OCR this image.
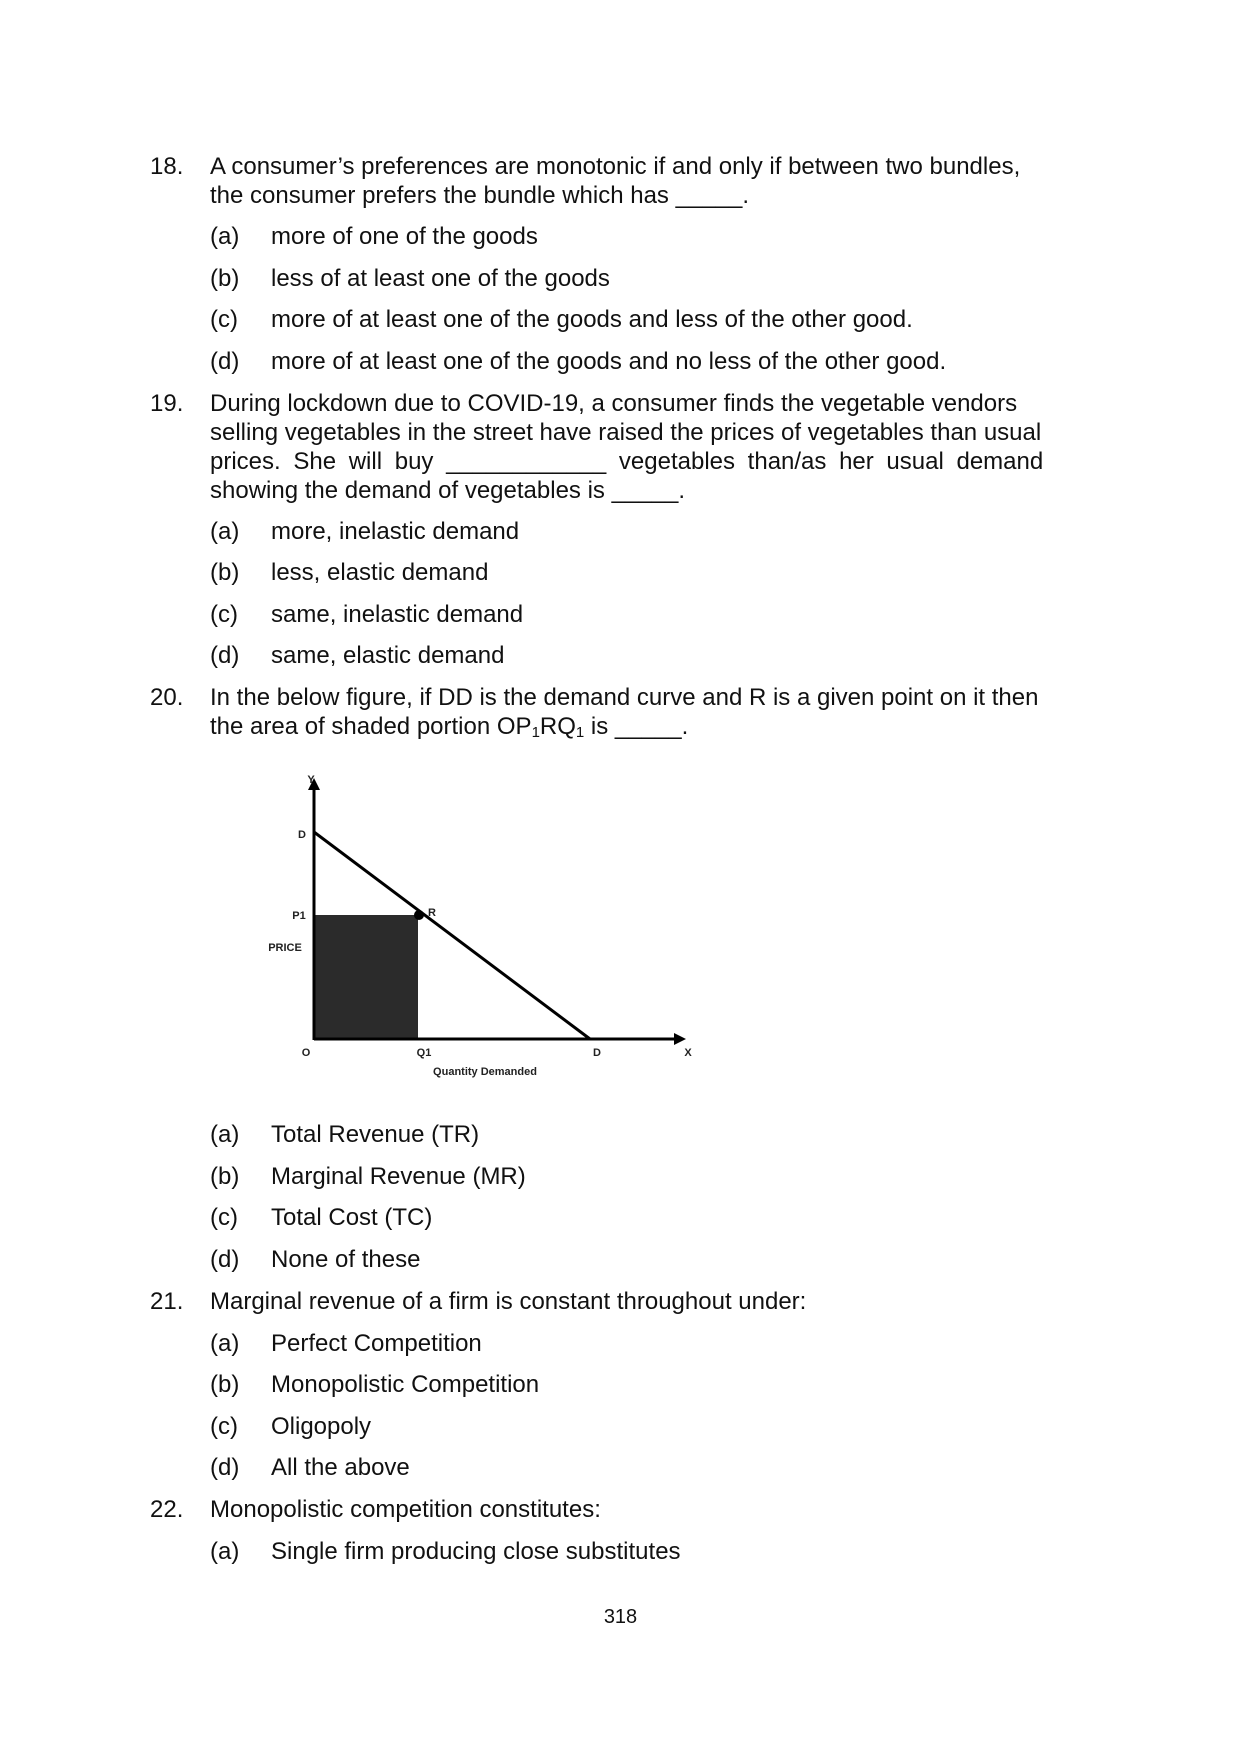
18. A consumer’s preferences are monotonic if and only if between two bundles,
the consumer prefers the bundle which has _____.
(a) more of one of the goods
(b) less of at least one of the goods
(c) more of at least one of the goods and less of the other good.
(d) more of at least one of the goods and no less of the other good.
19. During lockdown due to COVID-19, a consumer finds the vegetable vendors
selling vegetables in the street have raised the prices of vegetables than usual
prices. She will buy ____________ vegetables than/as her usual demand
showing the demand of vegetables is _____.
(a) more, inelastic demand
(b) less, elastic demand
(c) same, inelastic demand
(d) same, elastic demand
20. In the below figure, if DD is the demand curve and R is a given point on it then
the area of shaded portion $OP_1RQ_1$ is _____.
Y
D
P1	R
PRICE
O	Q1	D	X
Quantity Demanded
(a) Total Revenue (TR)
(b) Marginal Revenue (MR)
(c) Total Cost (TC)
(d) None of these
21. Marginal revenue of a firm is constant throughout under:
(a) Perfect Competition
(b) Monopolistic Competition
(c) Oligopoly
(d) All the above
22. Monopolistic competition constitutes:
(a) Single firm producing close substitutes
318
